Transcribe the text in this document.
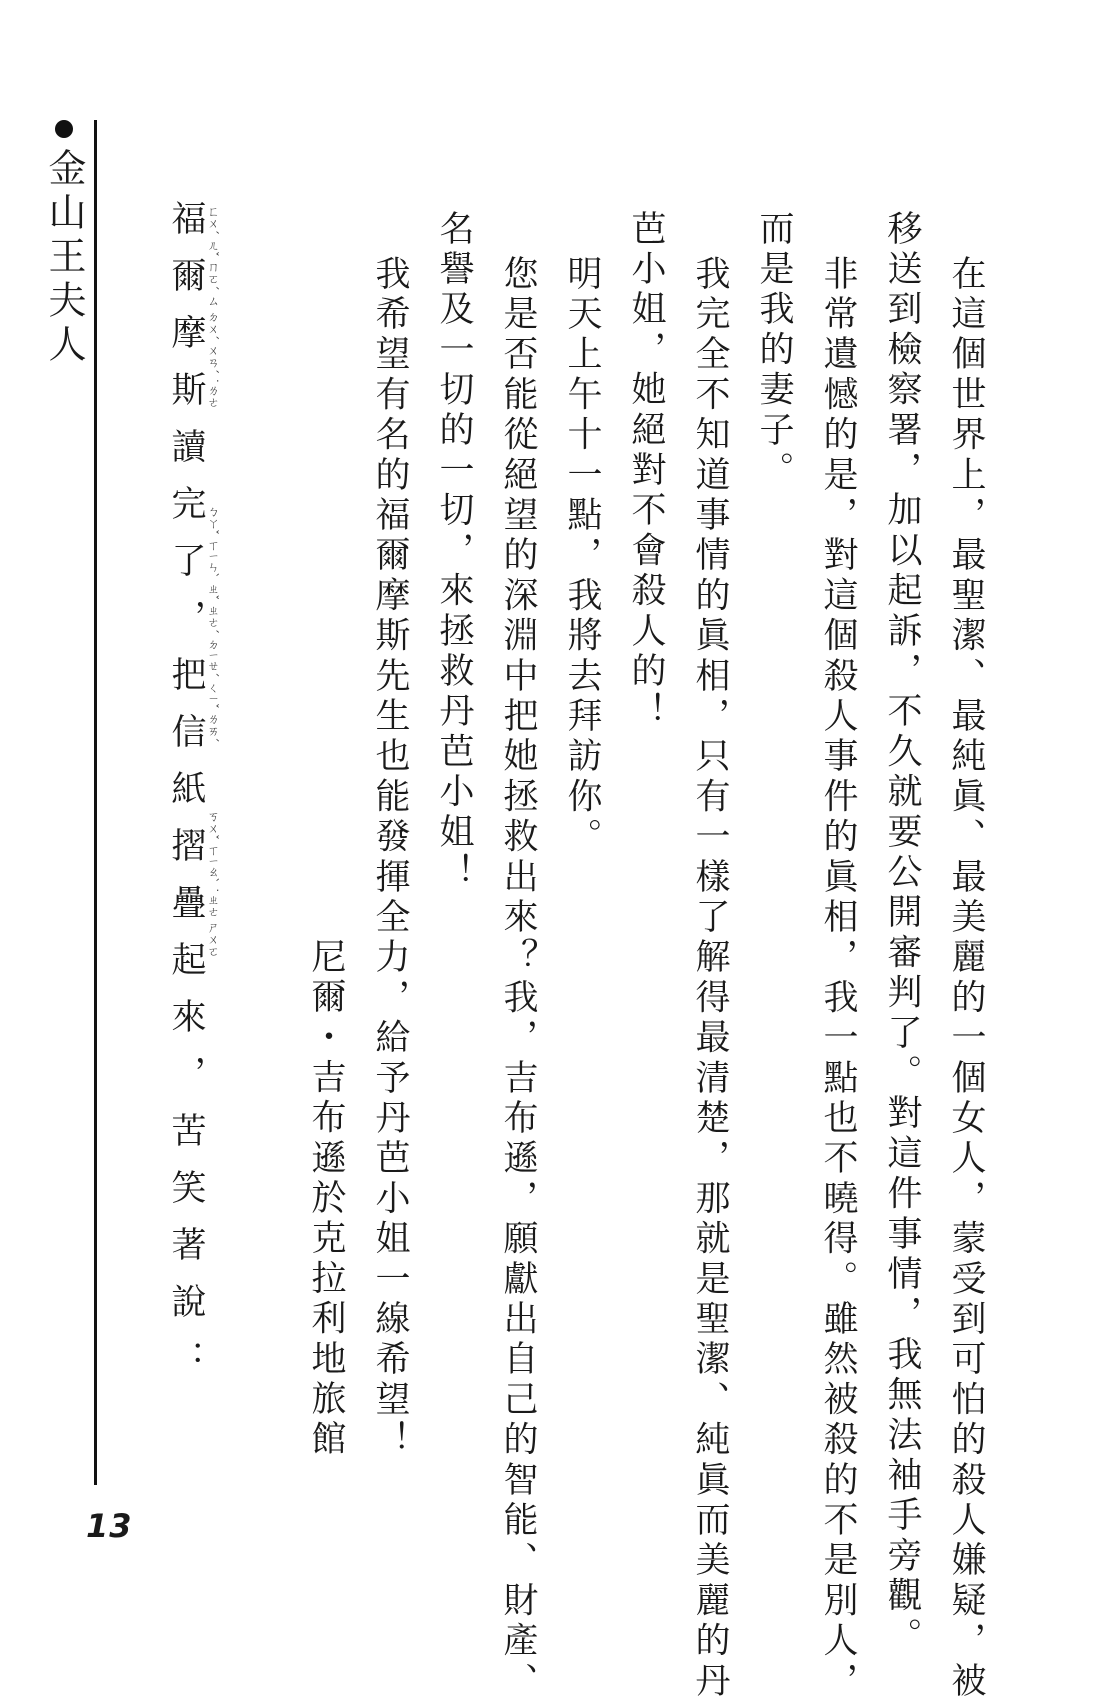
金山王夫人
13	在這個世界上，最聖潔、最純眞、最美麗的一個女人，蒙受到可怕的殺人嫌疑，被
移送到檢察署，加以起訴，不久就要公開審判了。對這件事情，我無法袖手旁觀。
非常遺憾的是，對這個殺人事件的眞相，我一點也不曉得。雖然被殺的不是別人，
而是我的妻子。
我完全不知道事情的眞相，只有一樣了解得最清楚，那就是聖潔、純眞而美麗的丹
芭小姐，她絕對不會殺人的！
明天上午十一點，我將去拜訪你。
您是否能從絕望的深淵中把她拯救出來？我，吉布遜，願獻出自己的智能、財產、
名譽及一切的一切，來拯救丹芭小姐！
我希望有名的福爾摩斯先生也能發揮全力，給予丹芭小姐一線希望！
尼爾・吉布遜於克拉利地旅館
福爾摩斯讀完了，把信紙摺疊起來，苦笑著說： ㄈㄨˊ ㄦˇ ㄇㄛˊ ㄙ ㄉㄨˊ ㄨㄢˊ ˙ㄌㄜ
ㄅㄚˇ ㄒㄧㄣˋ ㄓˇ ㄓㄜˊ ㄉㄧㄝˊ ㄑㄧˇ ㄌㄞˊ
ㄎㄨˇ ㄒㄧㄠˋ ˙ㄓㄜ ㄕㄨㄛ
